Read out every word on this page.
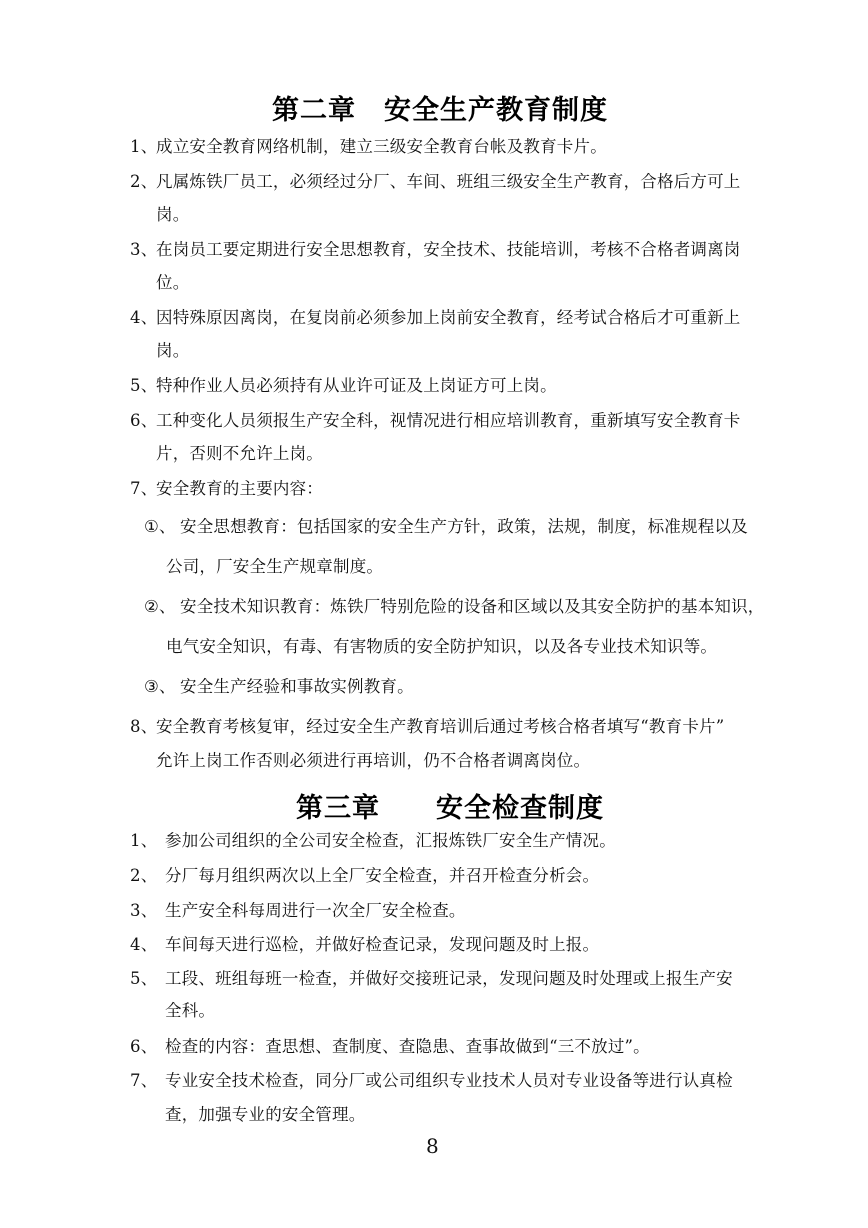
第二章　安全生产教育制度
1、
成立安全教育网络机制，建立三级安全教育台帐及教育卡片。
2、
凡属炼铁厂员工，必须经过分厂、车间、班组三级安全生产教育，合格后方可上
岗。
3、
在岗员工要定期进行安全思想教育，安全技术、技能培训，考核不合格者调离岗
位。
4、
因特殊原因离岗，在复岗前必须参加上岗前安全教育，经考试合格后才可重新上
岗。
5、
特种作业人员必须持有从业许可证及上岗证方可上岗。
6、
工种变化人员须报生产安全科，视情况进行相应培训教育，重新填写安全教育卡
片，否则不允许上岗。
7、
安全教育的主要内容：
①、 安全思想教育：包括国家的安全生产方针，政策，法规，制度，标准规程以及
公司，厂安全生产规章制度。
②、 安全技术知识教育：炼铁厂特别危险的设备和区域以及其安全防护的基本知识，
电气安全知识，有毒、有害物质的安全防护知识，以及各专业技术知识等。
③、 安全生产经验和事故实例教育。
8、
安全教育考核复审，经过安全生产教育培训后通过考核合格者填写“教育卡片”
允许上岗工作否则必须进行再培训，仍不合格者调离岗位。
第三章　　安全检查制度
1、 参加公司组织的全公司安全检查，汇报炼铁厂安全生产情况。
2、 分厂每月组织两次以上全厂安全检查，并召开检查分析会。
3、 生产安全科每周进行一次全厂安全检查。
4、 车间每天进行巡检，并做好检查记录，发现问题及时上报。
5、 工段、班组每班一检查，并做好交接班记录，发现问题及时处理或上报生产安
全科。
6、 检查的内容：查思想、查制度、查隐患、查事故做到“三不放过”。
7、 专业安全技术检查，同分厂或公司组织专业技术人员对专业设备等进行认真检
查，加强专业的安全管理。
8
